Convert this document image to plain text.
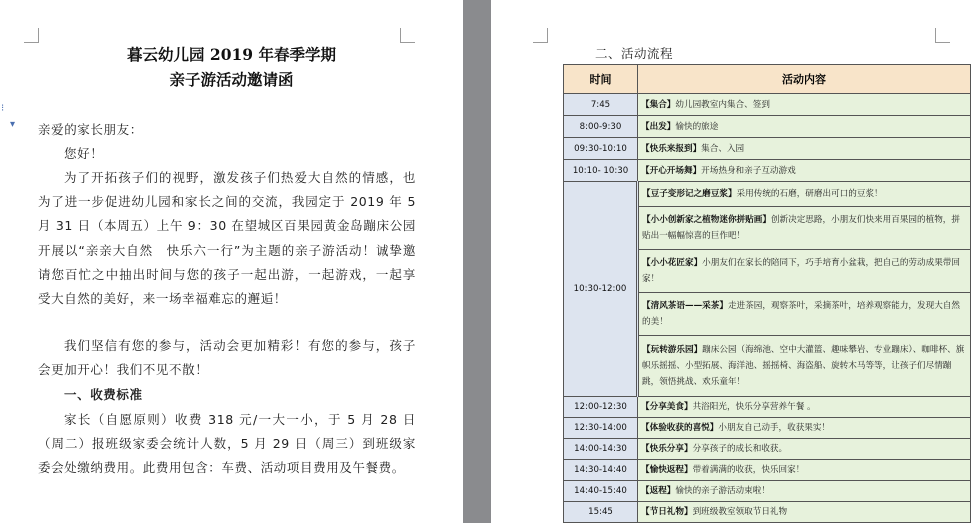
暮云幼儿园 2019 年春季学期
亲子游活动邀请函
⁝
▾ 亲爱的家长朋友：
您好！
为了开拓孩子们的视野，激发孩子们热爱大自然的情感，也为了进一步促进幼儿园和家长之间的交流，我园定于 2019 年 5 月 31 日（本周五）上午 9：30 在望城区百果园黄金岛蹦床公园开展以“亲亲大自然　快乐六一行”为主题的亲子游活动！诚挚邀请您百忙之中抽出时间与您的孩子一起出游，一起游戏，一起享受大自然的美好，来一场幸福难忘的邂逅！
我们坚信有您的参与，活动会更加精彩！有您的参与，孩子会更加开心！我们不见不散！
一、收费标准
家长（自愿原则）收费 318 元/一大一小，于 5 月 28 日（周二）报班级家委会统计人数，5 月 29 日（周三）到班级家委会处缴纳费用。此费用包含：车费、活动项目费用及午餐费。
二、活动流程
时间	活动内容
7:45	【集合】幼儿园教室内集合、签到
8:00-9:30	【出发】愉快的旅途
09:30-10:10	【快乐来报到】集合、入园
10:10- 10:30	【开心开场舞】开场热身和亲子互动游戏
10:30-12:00	【豆子变形记之磨豆浆】采用传统的石磨，研磨出可口的豆浆！
	【小小创新家之植物迷你拼贴画】创新决定思路，小朋友们快来用百果园的植物，拼贴出一幅幅惊喜的巨作吧！
	【小小花匠家】小朋友们在家长的陪同下，巧手培育小盆栽，把自己的劳动成果带回家！
	【清风茶语——采茶】走进茶园，观察茶叶，采摘茶叶，培养观察能力，发现大自然的美！
	【玩转游乐园】蹦床公园（海绵池、空中大灌篮、趣味攀岩、专业蹦床）、咖啡杯、旗帜乐摇摇、小型拓展、海洋池、摇摇椅、海盗船、旋转木马等等，让孩子们尽情蹦跳，领悟挑战、欢乐童年！
12:00-12:30	【分享美食】共浴阳光，快乐分享营养午餐 。
12:30-14:00	【体验收获的喜悦】小朋友自己动手，收获果实！
14:00-14:30	【快乐分享】分享孩子的成长和收获。
14:30-14:40	【愉快返程】带着满满的收获，快乐回家！
14:40-15:40	【返程】愉快的亲子游活动束啦！
15:45	【节日礼物】到班级教室领取节日礼物
